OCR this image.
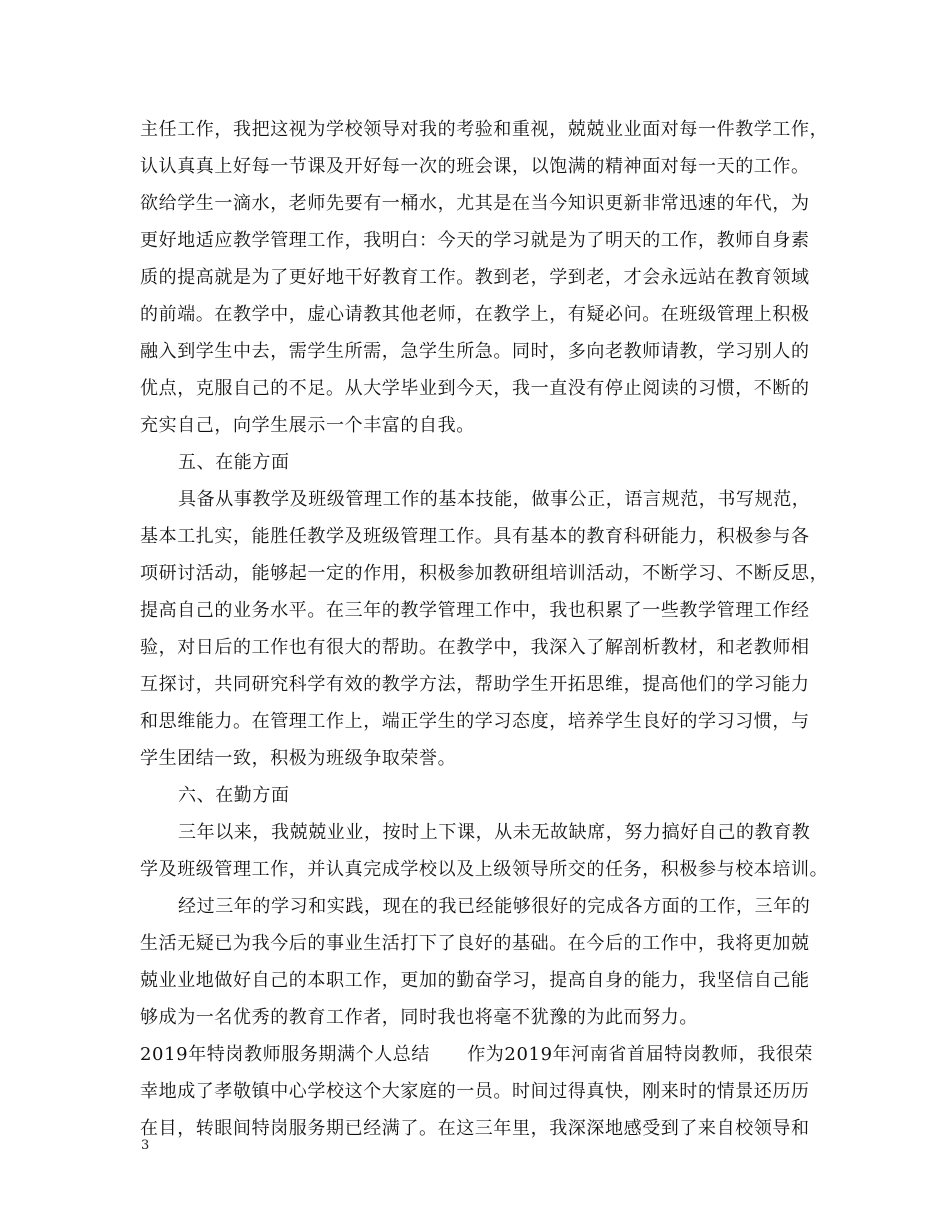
主任工作，我把这视为学校领导对我的考验和重视，兢兢业业面对每一件教学工作，
认认真真上好每一节课及开好每一次的班会课，以饱满的精神面对每一天的工作。
欲给学生一滴水，老师先要有一桶水，尤其是在当今知识更新非常迅速的年代，为
更好地适应教学管理工作，我明白：今天的学习就是为了明天的工作，教师自身素
质的提高就是为了更好地干好教育工作。教到老，学到老，才会永远站在教育领域
的前端。在教学中，虚心请教其他老师，在教学上，有疑必问。在班级管理上积极
融入到学生中去，需学生所需，急学生所急。同时，多向老教师请教，学习别人的
优点，克服自己的不足。从大学毕业到今天，我一直没有停止阅读的习惯，不断的
充实自己，向学生展示一个丰富的自我。
五、在能方面
具备从事教学及班级管理工作的基本技能，做事公正，语言规范，书写规范，
基本工扎实，能胜任教学及班级管理工作。具有基本的教育科研能力，积极参与各
项研讨活动，能够起一定的作用，积极参加教研组培训活动，不断学习、不断反思，
提高自己的业务水平。在三年的教学管理工作中，我也积累了一些教学管理工作经
验，对日后的工作也有很大的帮助。在教学中，我深入了解剖析教材，和老教师相
互探讨，共同研究科学有效的教学方法，帮助学生开拓思维，提高他们的学习能力
和思维能力。在管理工作上，端正学生的学习态度，培养学生良好的学习习惯，与
学生团结一致，积极为班级争取荣誉。
六、在勤方面
三年以来，我兢兢业业，按时上下课，从未无故缺席，努力搞好自己的教育教
学及班级管理工作，并认真完成学校以及上级领导所交的任务，积极参与校本培训。
经过三年的学习和实践，现在的我已经能够很好的完成各方面的工作，三年的
生活无疑已为我今后的事业生活打下了良好的基础。在今后的工作中，我将更加兢
兢业业地做好自己的本职工作，更加的勤奋学习，提高自身的能力，我坚信自己能
够成为一名优秀的教育工作者，同时我也将毫不犹豫的为此而努力。
2019年特岗教师服务期满个人总结　　作为2019年河南省首届特岗教师，我很荣
幸地成了孝敬镇中心学校这个大家庭的一员。时间过得真快，刚来时的情景还历历
在目，转眼间特岗服务期已经满了。在这三年里，我深深地感受到了来自校领导和
3
